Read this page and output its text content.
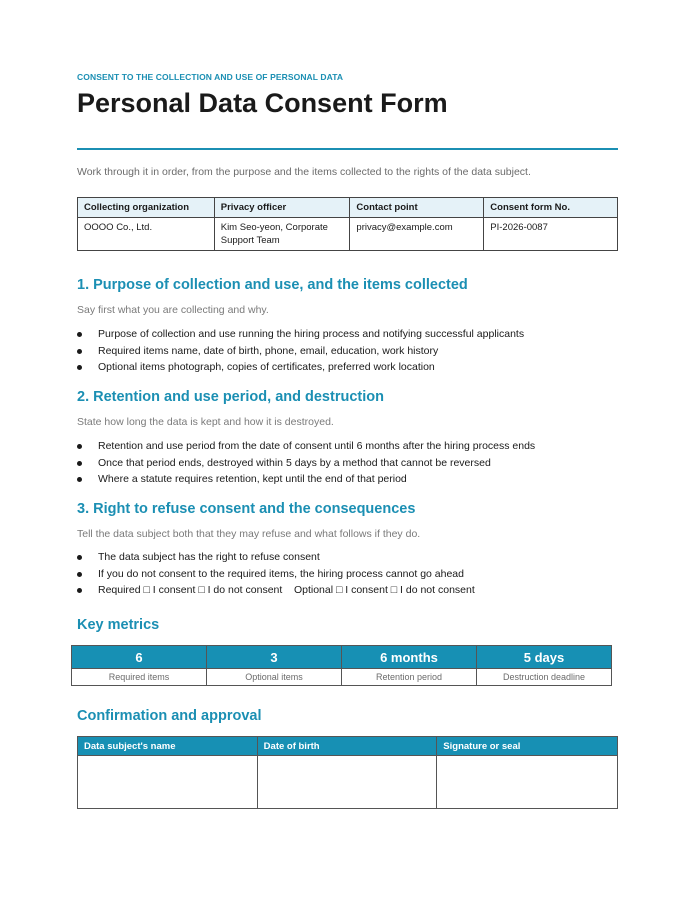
CONSENT TO THE COLLECTION AND USE OF PERSONAL DATA
Personal Data Consent Form
Work through it in order, from the purpose and the items collected to the rights of the data subject.
Collecting organization	Privacy officer	Contact point	Consent form No.
OOOO Co., Ltd.	Kim Seo-yeon, Corporate Support Team	privacy@example.com	PI-2026-0087
1. Purpose of collection and use, and the items collected
Say first what you are collecting and why.
Purpose of collection and use running the hiring process and notifying successful applicants
Required items name, date of birth, phone, email, education, work history
Optional items photograph, copies of certificates, preferred work location
2. Retention and use period, and destruction
State how long the data is kept and how it is destroyed.
Retention and use period from the date of consent until 6 months after the hiring process ends
Once that period ends, destroyed within 5 days by a method that cannot be reversed
Where a statute requires retention, kept until the end of that period
3. Right to refuse consent and the consequences
Tell the data subject both that they may refuse and what follows if they do.
The data subject has the right to refuse consent
If you do not consent to the required items, the hiring process cannot go ahead
Required □ I consent □ I do not consent    Optional □ I consent □ I do not consent
Key metrics
6	3	6 months	5 days
Required items	Optional items	Retention period	Destruction deadline
Confirmation and approval
Data subject's name	Date of birth	Signature or seal
